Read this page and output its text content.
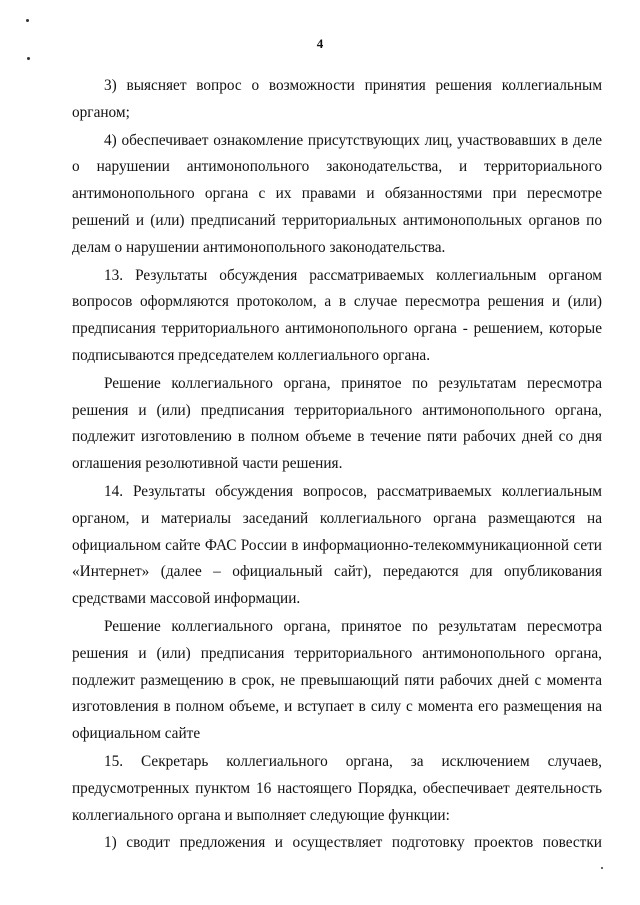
4

3) выясняет вопрос о возможности принятия решения коллегиальным органом;

4) обеспечивает ознакомление присутствующих лиц, участвовавших в деле о нарушении антимонопольного законодательства, и территориального антимонопольного органа с их правами и обязанностями при пересмотре решений и (или) предписаний территориальных антимонопольных органов по делам о нарушении антимонопольного законодательства.

13. Результаты обсуждения рассматриваемых коллегиальным органом вопросов оформляются протоколом, а в случае пересмотра решения и (или) предписания территориального антимонопольного органа - решением, которые подписываются председателем коллегиального органа.

Решение коллегиального органа, принятое по результатам пересмотра решения и (или) предписания территориального антимонопольного органа, подлежит изготовлению в полном объеме в течение пяти рабочих дней со дня оглашения резолютивной части решения.

14. Результаты обсуждения вопросов, рассматриваемых коллегиальным органом, и материалы заседаний коллегиального органа размещаются на официальном сайте ФАС России в информационно-телекоммуникационной сети «Интернет» (далее – официальный сайт), передаются для опубликования средствами массовой информации.

Решение коллегиального органа, принятое по результатам пересмотра решения и (или) предписания территориального антимонопольного органа, подлежит размещению в срок, не превышающий пяти рабочих дней с момента изготовления в полном объеме, и вступает в силу с момента его размещения на официальном сайте

15. Секретарь коллегиального органа, за исключением случаев, предусмотренных пунктом 16 настоящего Порядка, обеспечивает деятельность коллегиального органа и выполняет следующие функции:

1) сводит предложения и осуществляет подготовку проектов повестки
